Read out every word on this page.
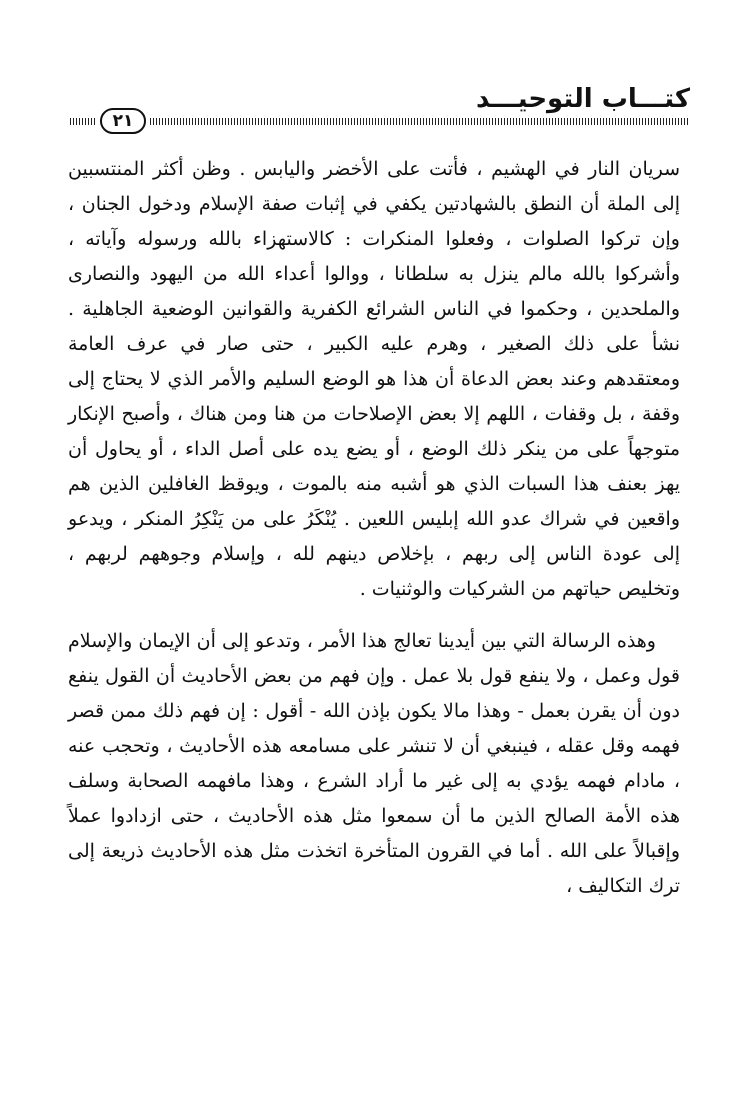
كتـــاب التوحيـــد
٢١

سريان النار في الهشيم ، فأتت على الأخضر واليابس . وظن أكثر المنتسبين إلى الملة أن النطق بالشهادتين يكفي في إثبات صفة الإسلام ودخول الجنان ، وإن تركوا الصلوات ، وفعلوا المنكرات : كالاستهزاء بالله ورسوله وآياته ، وأشركوا بالله مالم ينزل به سلطانا ، ووالوا أعداء الله من اليهود والنصارى والملحدين ، وحكموا في الناس الشرائع الكفرية والقوانين الوضعية الجاهلية . نشأ على ذلك الصغير ، وهرم عليه الكبير ، حتى صار في عرف العامة ومعتقدهم وعند بعض الدعاة أن هذا هو الوضع السليم والأمر الذي لا يحتاج إلى وقفة ، بل وقفات ، اللهم إلا بعض الإصلاحات من هنا ومن هناك ، وأصبح الإنكار متوجهاً على من ينكر ذلك الوضع ، أو يضع يده على أصل الداء ، أو يحاول أن يهز بعنف هذا السبات الذي هو أشبه منه بالموت ، ويوقظ الغافلين الذين هم واقعين في شراك عدو الله إبليس اللعين . يُنْكَرُ على من يَنْكِرُ المنكر ، ويدعو إلى عودة الناس إلى ربهم ، بإخلاص دينهم لله ، وإسلام وجوههم لربهم ، وتخليص حياتهم من الشركيات والوثنيات .

وهذه الرسالة التي بين أيدينا تعالج هذا الأمر ، وتدعو إلى أن الإيمان والإسلام قول وعمل ، ولا ينفع قول بلا عمل . وإن فهم من بعض الأحاديث أن القول ينفع دون أن يقرن بعمل - وهذا مالا يكون بإذن الله - أقول : إن فهم ذلك ممن قصر فهمه وقل عقله ، فينبغي أن لا تنشر على مسامعه هذه الأحاديث ، وتحجب عنه ، مادام فهمه يؤدي به إلى غير ما أراد الشرع ، وهذا مافهمه الصحابة وسلف هذه الأمة الصالح الذين ما أن سمعوا مثل هذه الأحاديث ، حتى ازدادوا عملاً وإقبالاً على الله . أما في القرون المتأخرة اتخذت مثل هذه الأحاديث ذريعة إلى ترك التكاليف ،
